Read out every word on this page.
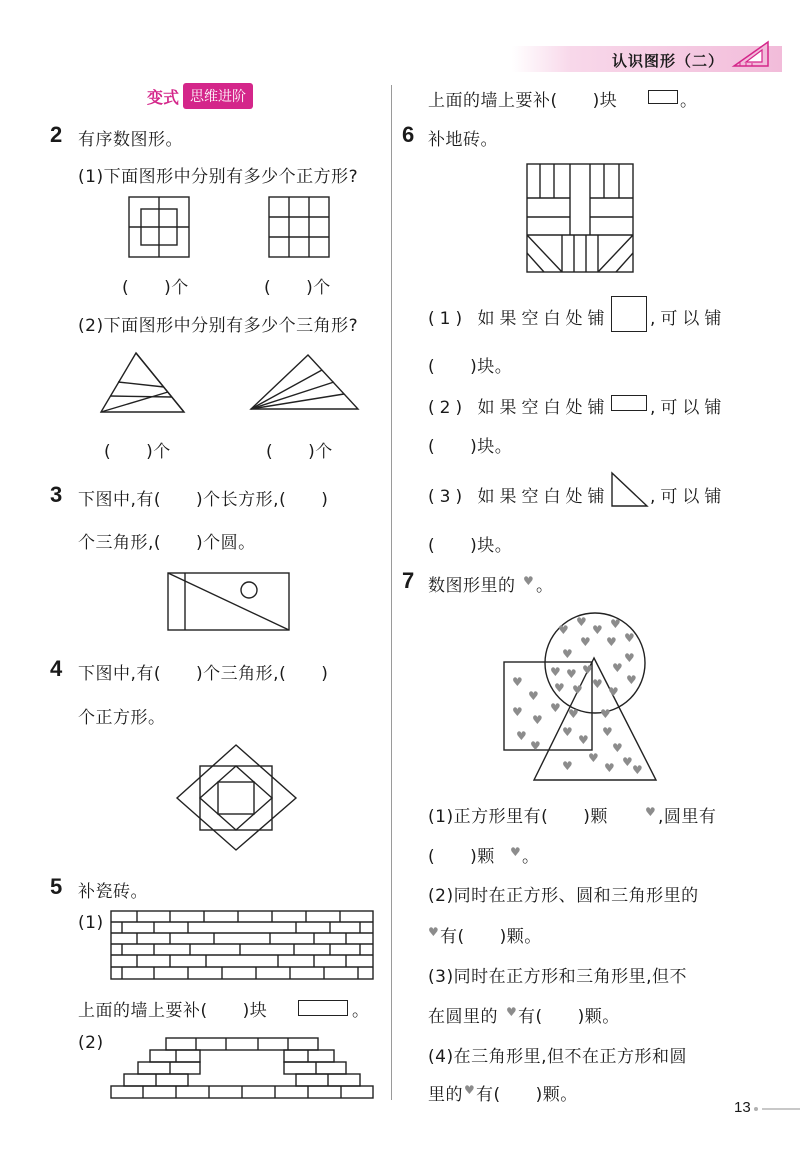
认识图形（二）
变式 思维进阶
2 有序数图形。
(1)下面图形中分别有多少个正方形?
(　　)个	(　　)个
(2)下面图形中分别有多少个三角形?
(　　)个	(　　)个
3 下图中,有(　　)个长方形,(　　)
个三角形,(　　)个圆。
4 下图中,有(　　)个三角形,(　　)
个正方形。
5 补瓷砖。
(1)
上面的墙上要补(　　)块	。
(2)
上面的墙上要补(　　)块	。
6 补地砖。
(1) 如果空白处铺 ,可以铺
(　　)块。
(2) 如果空白处铺 ,可以铺
(　　)块。
(3) 如果空白处铺 ,可以铺
(　　)块。
7 数图形里的 ♥ 。
♥
♥
♥ ♥
♥
♥
♥
♥
♥
♥
♥
♥
♥ ♥ ♥
♥ ♥ ♥
♥
♥
♥
♥
♥
♥
♥ ♥
♥
♥
♥
♥
♥
♥ ♥
♥	♥ ♥
(1)正方形里有(　　)颗	♥ ,圆里有
(　　)颗 ♥ 。
(2)同时在正方形、圆和三角形里的
♥ 有(　　)颗。
(3)同时在正方形和三角形里,但不
在圆里的 ♥ 有(　　)颗。
(4)在三角形里,但不在正方形和圆
里的 ♥ 有(　　)颗。
13
